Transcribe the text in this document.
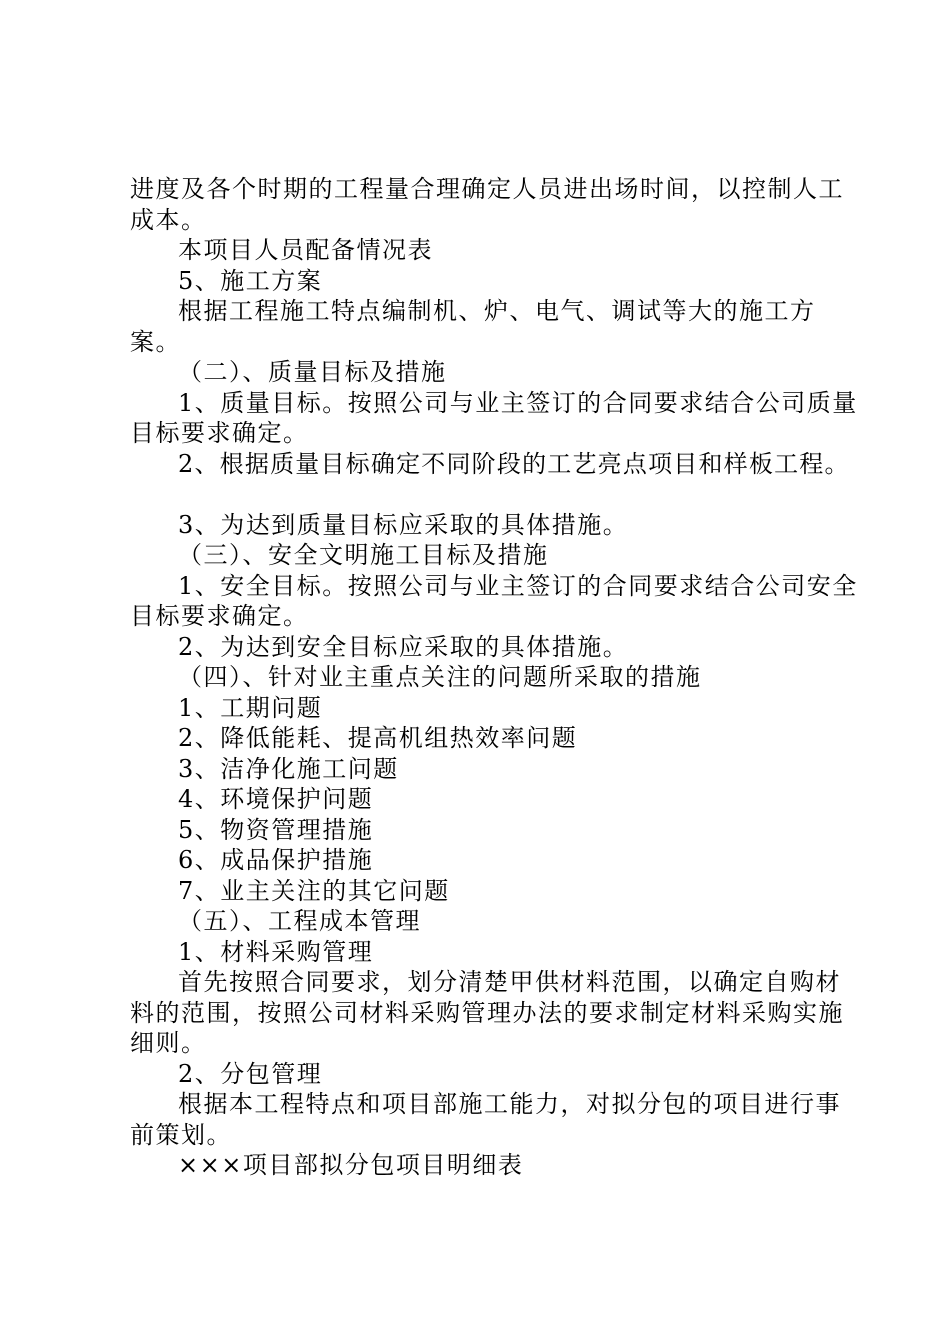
进度及各个时期的工程量合理确定人员进出场时间，以控制人工成本。

本项目人员配备情况表

5、施工方案

根据工程施工特点编制机、炉、电气、调试等大的施工方案。

（二）、质量目标及措施

1、质量目标。按照公司与业主签订的合同要求结合公司质量目标要求确定。

2、根据质量目标确定不同阶段的工艺亮点项目和样板工程。

3、为达到质量目标应采取的具体措施。

（三）、安全文明施工目标及措施

1、安全目标。按照公司与业主签订的合同要求结合公司安全目标要求确定。

2、为达到安全目标应采取的具体措施。

（四）、针对业主重点关注的问题所采取的措施

1、工期问题

2、降低能耗、提高机组热效率问题

3、洁净化施工问题

4、环境保护问题

5、物资管理措施

6、成品保护措施

7、业主关注的其它问题

（五）、工程成本管理

1、材料采购管理

首先按照合同要求，划分清楚甲供材料范围，以确定自购材料的范围，按照公司材料采购管理办法的要求制定材料采购实施细则。

2、分包管理

根据本工程特点和项目部施工能力，对拟分包的项目进行事前策划。

×××项目部拟分包项目明细表
